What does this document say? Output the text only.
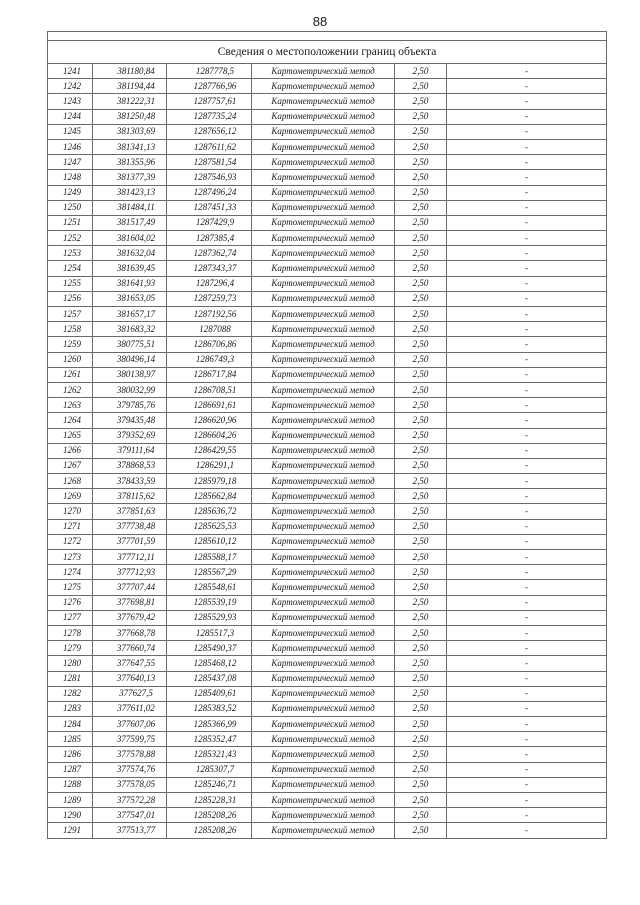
88

Сведения о местоположении границ объекта					
1241	381180,84	1287778,5	Картометрический метод	2,50	-
1242	381194,44	1287766,96	Картометрический метод	2,50	-
1243	381222,31	1287757,61	Картометрический метод	2,50	-
1244	381250,48	1287735,24	Картометрический метод	2,50	-
1245	381303,69	1287656,12	Картометрический метод	2,50	-
1246	381341,13	1287611,62	Картометрический метод	2,50	-
1247	381355,96	1287581,54	Картометрический метод	2,50	-
1248	381377,39	1287546,93	Картометрический метод	2,50	-
1249	381423,13	1287496,24	Картометрический метод	2,50	-
1250	381484,11	1287451,33	Картометрический метод	2,50	-
1251	381517,49	1287429,9	Картометрический метод	2,50	-
1252	381604,02	1287385,4	Картометрический метод	2,50	-
1253	381632,04	1287362,74	Картометрический метод	2,50	-
1254	381639,45	1287343,37	Картометрический метод	2,50	-
1255	381641,93	1287296,4	Картометрический метод	2,50	-
1256	381653,05	1287259,73	Картометрический метод	2,50	-
1257	381657,17	1287192,56	Картометрический метод	2,50	-
1258	381683,32	1287088	Картометрический метод	2,50	-
1259	380775,51	1286706,86	Картометрический метод	2,50	-
1260	380496,14	1286749,3	Картометрический метод	2,50	-
1261	380138,97	1286717,84	Картометрический метод	2,50	-
1262	380032,99	1286708,51	Картометрический метод	2,50	-
1263	379785,76	1286691,61	Картометрический метод	2,50	-
1264	379435,48	1286620,96	Картометрический метод	2,50	-
1265	379352,69	1286604,26	Картометрический метод	2,50	-
1266	379111,64	1286429,55	Картометрический метод	2,50	-
1267	378868,53	1286291,1	Картометрический метод	2,50	-
1268	378433,59	1285979,18	Картометрический метод	2,50	-
1269	378115,62	1285662,84	Картометрический метод	2,50	-
1270	377851,63	1285636,72	Картометрический метод	2,50	-
1271	377738,48	1285625,53	Картометрический метод	2,50	-
1272	377701,59	1285610,12	Картометрический метод	2,50	-
1273	377712,11	1285588,17	Картометрический метод	2,50	-
1274	377712,93	1285567,29	Картометрический метод	2,50	-
1275	377707,44	1285548,61	Картометрический метод	2,50	-
1276	377698,81	1285539,19	Картометрический метод	2,50	-
1277	377679,42	1285529,93	Картометрический метод	2,50	-
1278	377668,78	1285517,3	Картометрический метод	2,50	-
1279	377660,74	1285490,37	Картометрический метод	2,50	-
1280	377647,55	1285468,12	Картометрический метод	2,50	-
1281	377640,13	1285437,08	Картометрический метод	2,50	-
1282	377627,5	1285409,61	Картометрический метод	2,50	-
1283	377611,02	1285383,52	Картометрический метод	2,50	-
1284	377607,06	1285366,99	Картометрический метод	2,50	-
1285	377599,75	1285352,47	Картометрический метод	2,50	-
1286	377578,88	1285321,43	Картометрический метод	2,50	-
1287	377574,76	1285307,7	Картометрический метод	2,50	-
1288	377578,05	1285246,71	Картометрический метод	2,50	-
1289	377572,28	1285228,31	Картометрический метод	2,50	-
1290	377547,01	1285208,26	Картометрический метод	2,50	-
1291	377513,77	1285208,26	Картометрический метод	2,50	-
